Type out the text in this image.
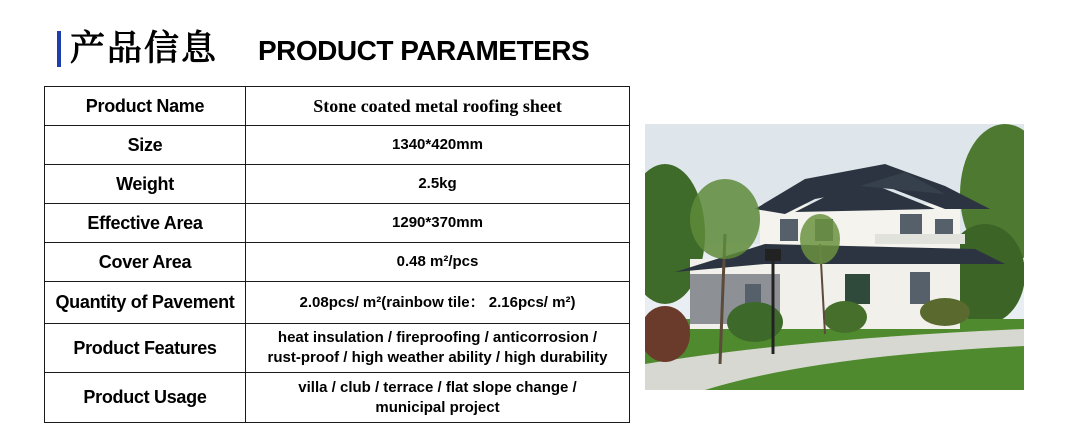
产品信息 PRODUCT PARAMETERS
Product Name	Stone coated metal roofing sheet
Size	1340*420mm
Weight	2.5kg
Effective Area	1290*370mm
Cover Area	0.48 m²/pcs
Quantity of Pavement	2.08pcs/ m²(rainbow tile： 2.16pcs/ m²)
Product Features	heat insulation / fireproofing / anticorrosion /
rust-proof / high weather ability / high durability

Product Usage	villa / club / terrace / flat slope change /
municipal project
